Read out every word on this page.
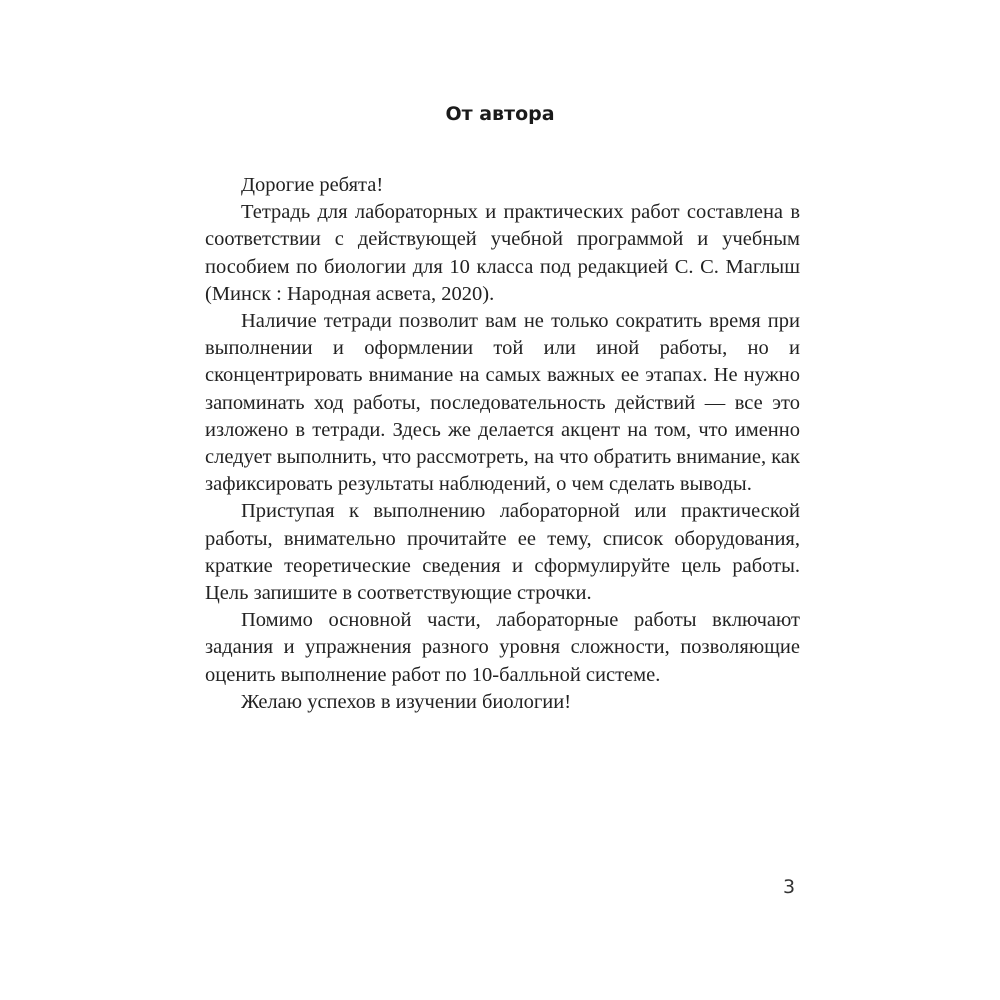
От автора

Дорогие ребята!

Тетрадь для лабораторных и практических работ составлена в соответствии с действующей учебной программой и учебным пособием по биологии для 10 класса под редакцией С. С. Маглыш (Минск : Народная асвета, 2020).

Наличие тетради позволит вам не только сократить время при выполнении и оформлении той или иной работы, но и сконцентрировать внимание на самых важных ее этапах. Не нужно запоминать ход работы, последовательность действий — все это изложено в тетради. Здесь же делается акцент на том, что именно следует выполнить, что рассмотреть, на что обратить внимание, как зафиксировать результаты наблюдений, о чем сделать выводы.

Приступая к выполнению лабораторной или практической работы, внимательно прочитайте ее тему, список оборудования, краткие теоретические сведения и сформулируйте цель работы. Цель запишите в соответствующие строчки.

Помимо основной части, лабораторные работы включают задания и упражнения разного уровня сложности, позволяющие оценить выполнение работ по 10-балльной системе.

Желаю успехов в изучении биологии!

3
